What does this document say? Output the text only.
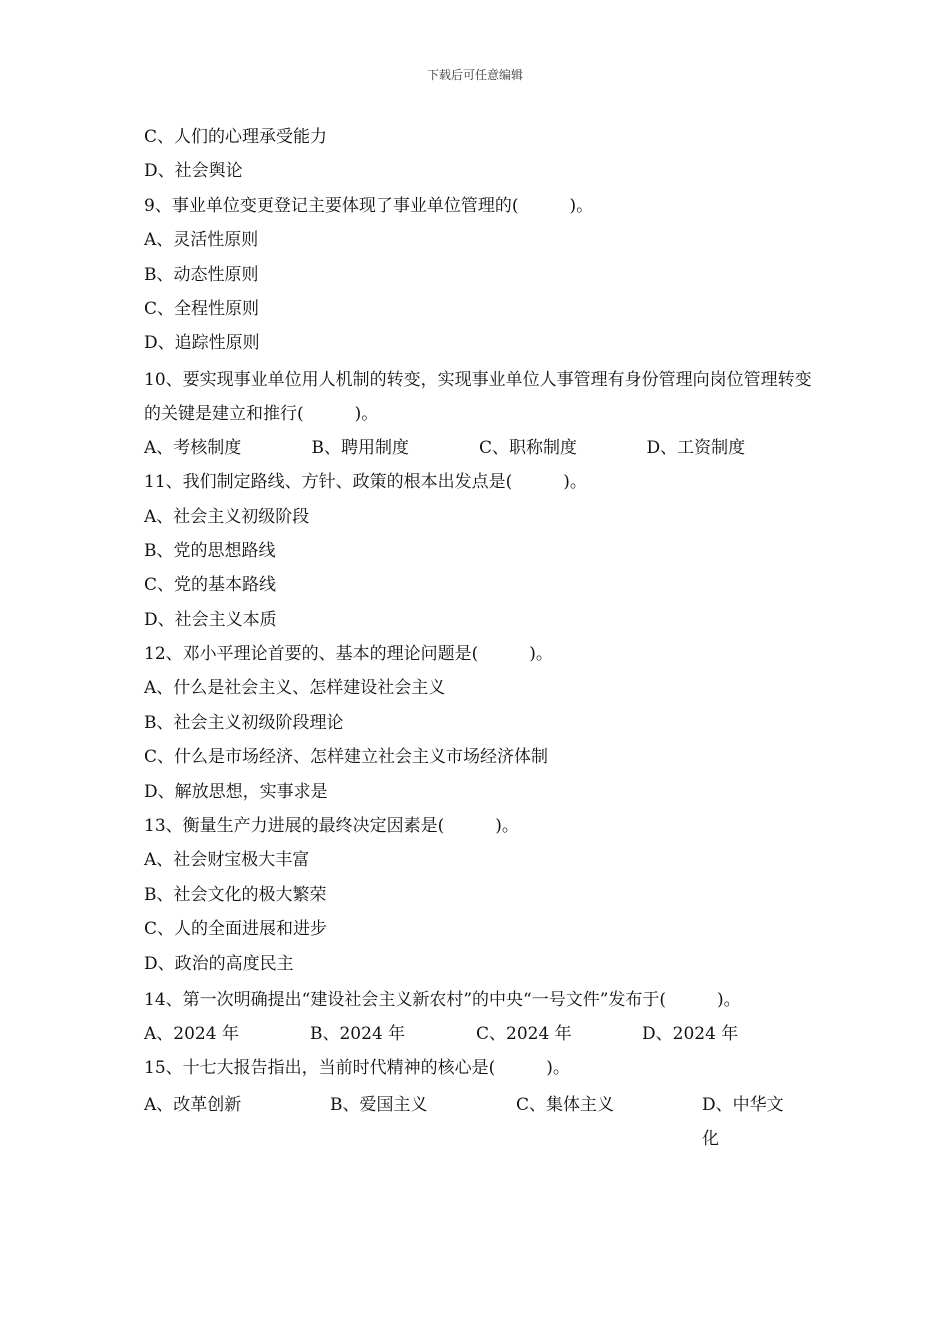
下载后可任意编辑
C、人们的心理承受能力
D、社会舆论
9、事业单位变更登记主要体现了事业单位管理的(　　　)。
A、灵活性原则
B、动态性原则
C、全程性原则
D、追踪性原则
10、要实现事业单位用人机制的转变，实现事业单位人事管理有身份管理向岗位管理转变的关键是建立和推行(　　　)。
A、考核制度	B、聘用制度	C、职称制度	D、工资制度
11、我们制定路线、方针、政策的根本出发点是(　　　)。
A、社会主义初级阶段
B、党的思想路线
C、党的基本路线
D、社会主义本质
12、邓小平理论首要的、基本的理论问题是(　　　)。
A、什么是社会主义、怎样建设社会主义
B、社会主义初级阶段理论
C、什么是市场经济、怎样建立社会主义市场经济体制
D、解放思想，实事求是
13、衡量生产力进展的最终决定因素是(　　　)。
A、社会财宝极大丰富
B、社会文化的极大繁荣
C、人的全面进展和进步
D、政治的高度民主
14、第一次明确提出“建设社会主义新农村”的中央“一号文件”发布于(　　　)。
A、2024 年	B、2024 年	C、2024 年	D、2024 年
15、十七大报告指出，当前时代精神的核心是(　　　)。
A、改革创新	B、爱国主义	C、集体主义	D、中华文化
